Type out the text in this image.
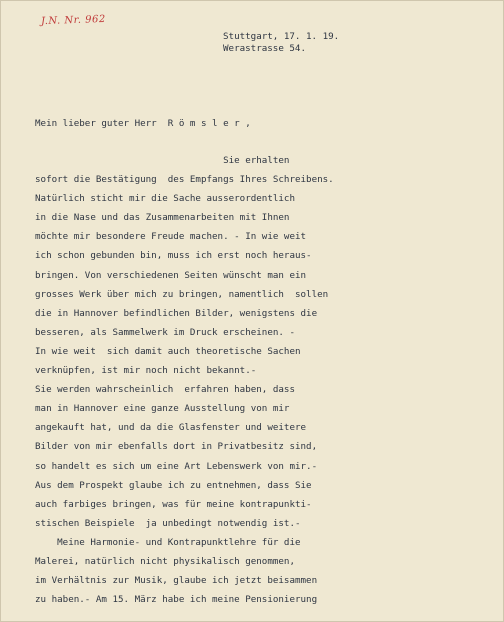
J.N. Nr. 962
Stuttgart, 17. 1. 19.
Werastrasse 54.
Mein lieber guter Herr  R ö m s l e r ,
Sie erhalten
sofort die Bestätigung  des Empfangs Ihres Schreibens.
Natürlich sticht mir die Sache ausserordentlich
in die Nase und das Zusammenarbeiten mit Ihnen
möchte mir besondere Freude machen. - In wie weit
ich schon gebunden bin, muss ich erst noch heraus-
bringen. Von verschiedenen Seiten wünscht man ein
grosses Werk über mich zu bringen, namentlich  sollen
die in Hannover befindlichen Bilder, wenigstens die
besseren, als Sammelwerk im Druck erscheinen. -
In wie weit  sich damit auch theoretische Sachen
verknüpfen, ist mir noch nicht bekannt.-
Sie werden wahrscheinlich  erfahren haben, dass
man in Hannover eine ganze Ausstellung von mir
angekauft hat, und da die Glasfenster und weitere
Bilder von mir ebenfalls dort in Privatbesitz sind,
so handelt es sich um eine Art Lebenswerk von mir.-
Aus dem Prospekt glaube ich zu entnehmen, dass Sie
auch farbiges bringen, was für meine kontrapunkti-
stischen Beispiele  ja unbedingt notwendig ist.-
Meine Harmonie- und Kontrapunktlehre für die
Malerei, natürlich nicht physikalisch genommen,
im Verhältnis zur Musik, glaube ich jetzt beisammen
zu haben.- Am 15. März habe ich meine Pensionierung
